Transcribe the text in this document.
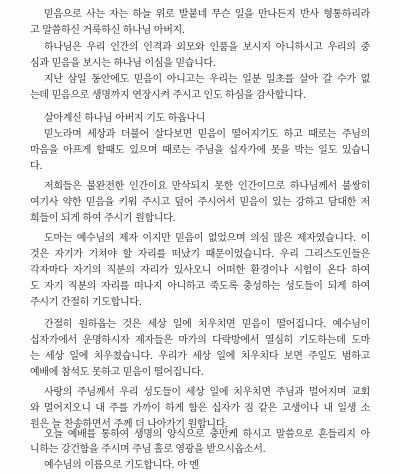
믿음으로 사는 자는 하늘 위로 발붙네 무슨 일을 만나든지 반사 형통하리라
고 말씀하신 거룩하신 하나님 아버지.
하나님은 우리 인간의 인격과 외모와 인품을 보시지 아니하시고 우리의 중
심과 믿음을 보시는 하나님 이심을 믿습니다.
지난 삼일 동안에도 믿음이 아니고는 우리는 일분 일초를 살아 갈 수가 없
는데 믿음으로 생명까지 연장시켜 주시고 인도 하심을 감사합니다.
살아계신 하나님 아버지 기도 하옵나니
믿노라며 세상과 더불어 살다보면 믿음이 떨어지기도 하고 때로는 주님의
마음을 아프게 할때도 있으며 때로는 주님을 십자가에 못을 박는 일도 있습니
다.
저희들은 불완전한 인간이요 만삭되지 못한 인간이므로 하나님께서 불쌍히
여기사 약한 믿음을 키워 주시고 덮어 주시어서 믿음이 있는 강하고 담대한 저
희들이 되게 하여 주시기 원합니다.
도마는 예수님의 제자 이지만 믿음이 없었으며 의심 많은 제자였습니다. 이
것은 자기가 기쳐야 할 자리를 떠났기 때문이었습니다. 우리 그리스도인들은
각자마다 자기의 직분의 자리가 있사오니 어떠한 환경이나 시험이 온다 하여
도 자기 직분의 자리를 떠나지 아니하고 죽도록 충성하는 성도들이 되게 하여
주시기 간절히 기도합니다.
간절히 원하옵는 것은 세상 일에 치우치면 믿음이 떨어집니다. 예수님이
십자가에서 운명하시자 제자들은 마가의 다락방에서 열심히 기도하는데 도마
는 세상 일에 치우쳤습니다. 우리가 세상 일에 치우치다 보면 주일도 범하고
예배에 참석도 못하고 믿음이 떨어집니다.
사랑의 주님께서 우리 성도들이 세상 일에 치우치면 주님과 멀어지며 교회
와 멀어지오니 내 주를 가까이 하게 함은 십자가 짐 같은 고생이나 내 일생 소
원은 늘 찬송하면서 주께 더 나아가기 원합니다.
오늘 예배를 통하여 생명의 양식으로 충만케 하시고 말씀으로 흔들리지 아
니하는 강건함을 주시며 주님 홀로 영광을 받으시옵소서.
예수님의 이름으로 기도합니다. 아 멘
